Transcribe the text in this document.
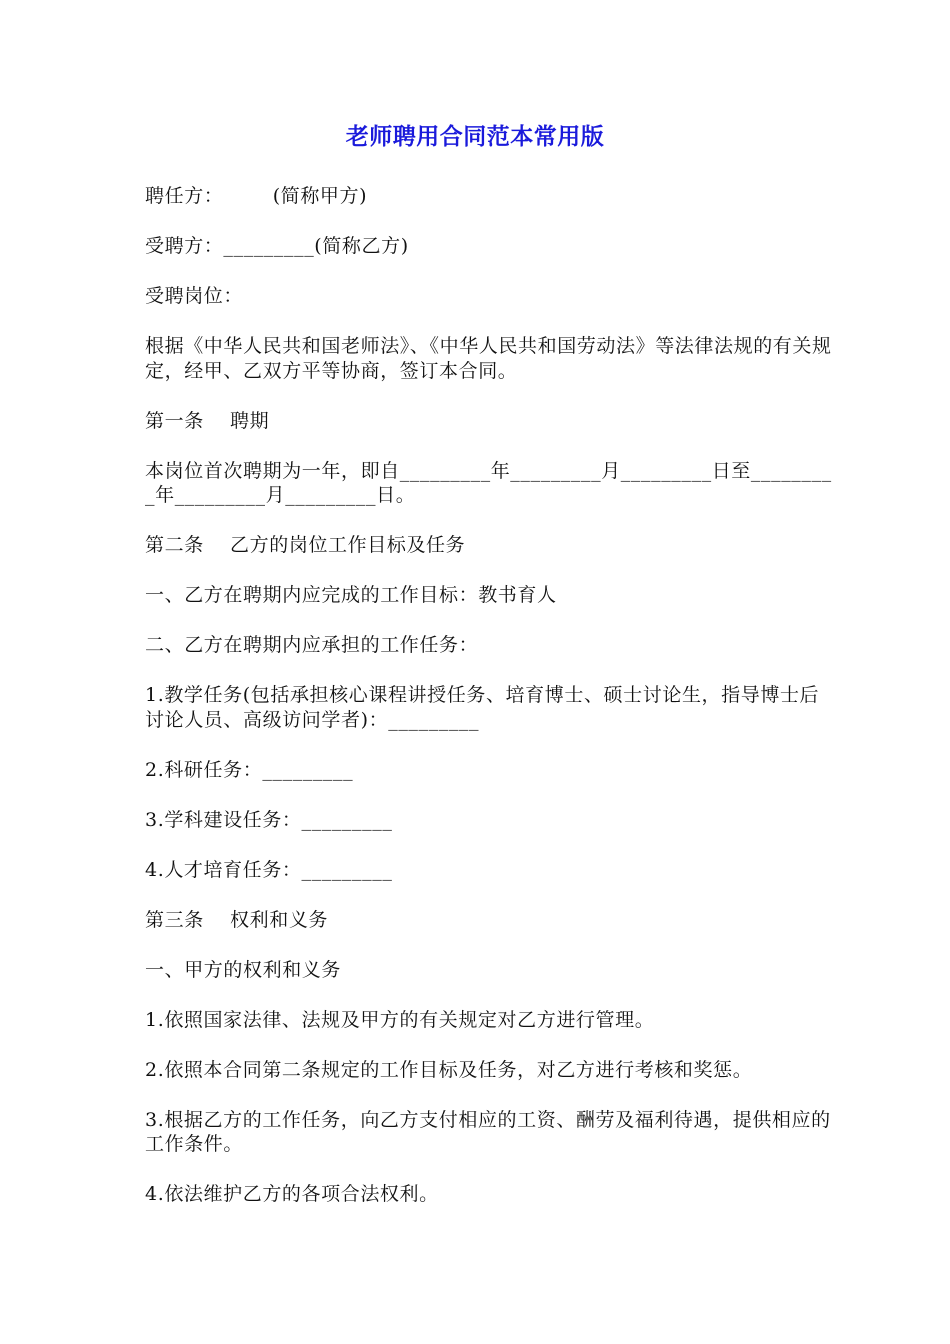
老师聘用合同范本常用版

聘任方：　　　(简称甲方)

受聘方：_________(简称乙方)

受聘岗位：

根据《中华人民共和国老师法》、《中华人民共和国劳动法》等法律法规的有关规定，经甲、乙双方平等协商，签订本合同。

第一条　 聘期

本岗位首次聘期为一年，即自_________年_________月_________日至_________年_________月_________日。

第二条　 乙方的岗位工作目标及任务

一、乙方在聘期内应完成的工作目标：教书育人

二、乙方在聘期内应承担的工作任务：

1.教学任务(包括承担核心课程讲授任务、培育博士、硕士讨论生，指导博士后讨论人员、高级访问学者)：_________

2.科研任务：_________

3.学科建设任务：_________

4.人才培育任务：_________

第三条　 权利和义务

一、甲方的权利和义务

1.依照国家法律、法规及甲方的有关规定对乙方进行管理。

2.依照本合同第二条规定的工作目标及任务，对乙方进行考核和奖惩。

3.根据乙方的工作任务，向乙方支付相应的工资、酬劳及福利待遇，提供相应的工作条件。

4.依法维护乙方的各项合法权利。
